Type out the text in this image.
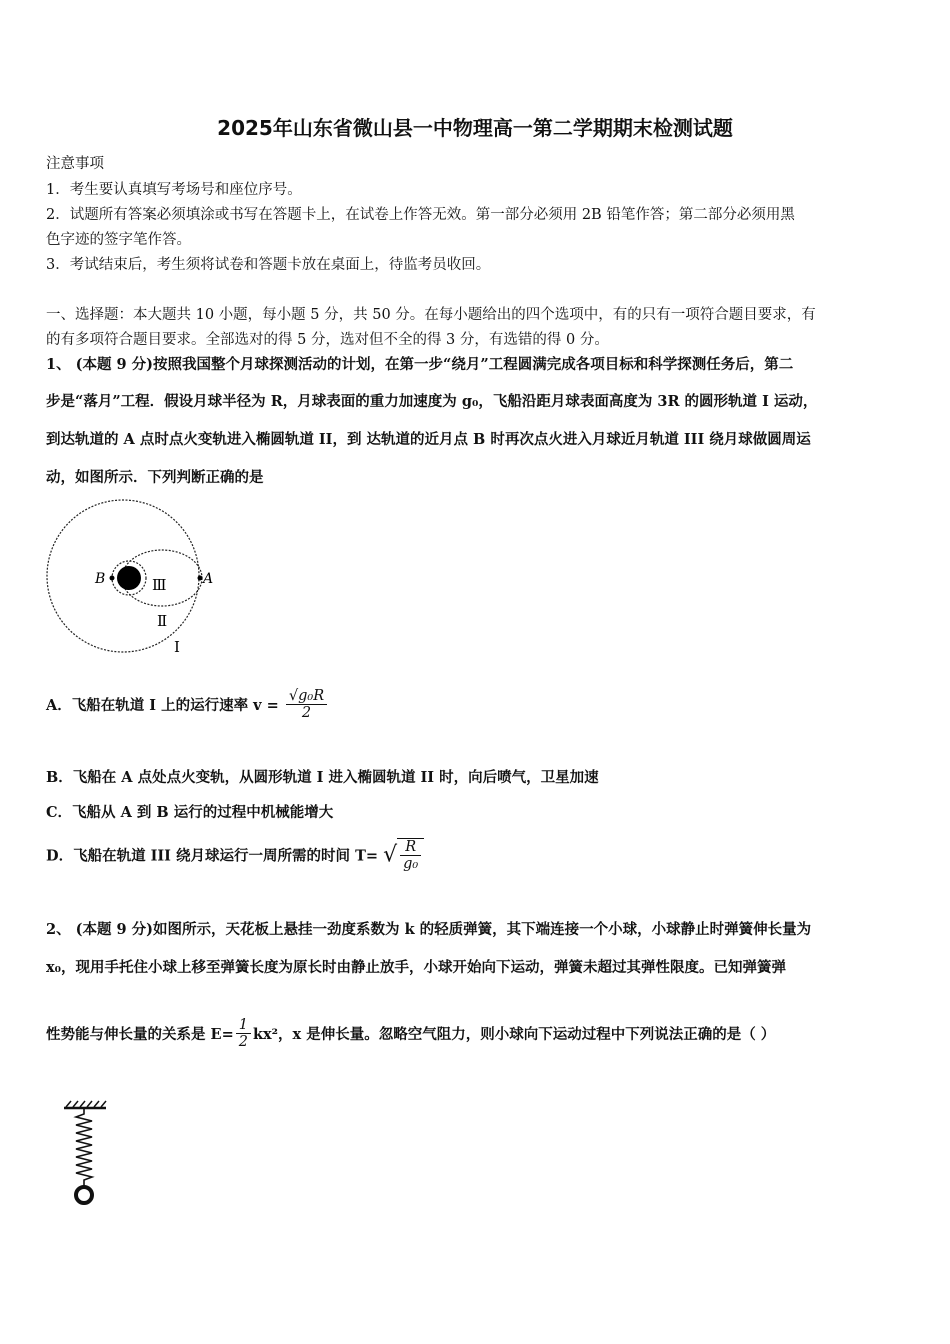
2025年山东省微山县一中物理高一第二学期期末检测试题
注意事项
1．考生要认真填写考场号和座位序号。
2．试题所有答案必须填涂或书写在答题卡上，在试卷上作答无效。第一部分必须用 2B 铅笔作答；第二部分必须用黑
色字迹的签字笔作答。
3．考试结束后，考生须将试卷和答题卡放在桌面上，待监考员收回。
一、选择题：本大题共 10 小题，每小题 5 分，共 50 分。在每小题给出的四个选项中，有的只有一项符合题目要求，有
的有多项符合题目要求。全部选对的得 5 分，选对但不全的得 3 分，有选错的得 0 分。
1、 (本题 9 分)按照我国整个月球探测活动的计划，在第一步“绕月”工程圆满完成各项目标和科学探测任务后，第二
步是“落月”工程．假设月球半径为 R，月球表面的重力加速度为 g₀，飞船沿距月球表面高度为 3R 的圆形轨道 I 运动，
到达轨道的 A 点时点火变轨进入椭圆轨道 II，到 达轨道的近月点 B 时再次点火进入月球近月轨道 III 绕月球做圆周运
动，如图所示．下列判断正确的是
B	A
Ⅲ
Ⅱ
Ⅰ
A．飞船在轨道 I 上的运行速率 $v = \frac{\text{√g₀R}}{2}$
B．飞船在 A 点处点火变轨，从圆形轨道 I 进入椭圆轨道 II 时，向后喷气，卫星加速
C．飞船从 A 到 B 运行的过程中机械能增大
D．飞船在轨道 III 绕月球运行一周所需的时间 T= √ $\frac{R}{\text{g₀}}$
2、 (本题 9 分)如图所示，天花板上悬挂一劲度系数为 k 的轻质弹簧，其下端连接一个小球，小球静止时弹簧伸长量为
x₀，现用手托住小球上移至弹簧长度为原长时由静止放手，小球开始向下运动，弹簧未超过其弹性限度。已知弹簧弹
性势能与伸长量的关系是 $E= \frac{1}{2} kx^2$，x 是伸长量。忽略空气阻力，则小球向下运动过程中下列说法正确的是（ ）
